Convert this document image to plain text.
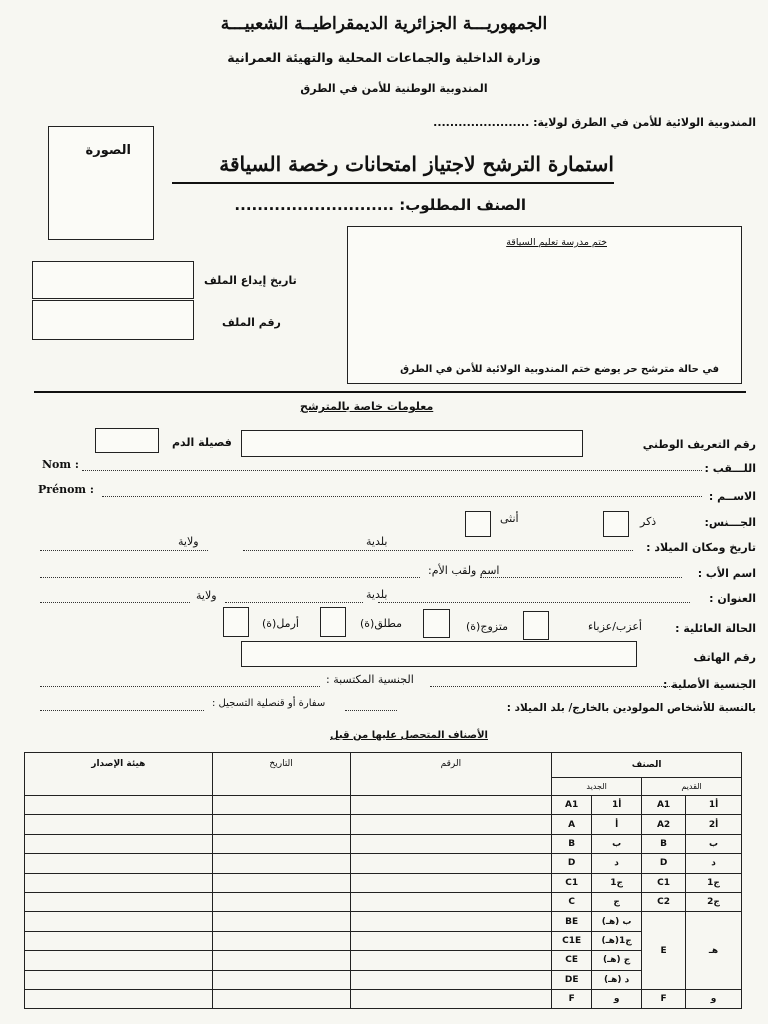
الجمهوريـــة الجزائرية الديمقراطيــة الشعبيـــة
وزارة الداخلية والجماعات المحلية والتهيئة العمرانية
المندوبية الوطنية للأمن في الطرق
المندوبية الولائية للأمن في الطرق لولاية: .......................
الصورة
استمارة الترشح لاجتياز امتحانات رخصة السياقة
الصنف المطلوب: ............................
ختم مدرسة تعليم السياقة
في حالة مترشح حر يوضع ختم المندوبية الولائية للأمن في الطرق
تاريخ إيداع الملف
رقم الملف
معلومات خاصة بالمترشح
رقم التعريف الوطني
فصيلة الدم
Nom :	اللـــقب :
Prénom :
الاســم :
الجـــنس:
ذكر
أنثى
تاريخ ومكان الميلاد :
بلدية
ولاية
اسم الأب :
اسم ولقب الأم:
العنوان :
بلدية
ولاية
الحالة العائلية :
أعزب/عزباء
متزوج(ة)
مطلق(ة)
أرمل(ة)
رقم الهاتف
الجنسية الأصلية :
الجنسية المكتسبة :
بالنسبة للأشخاص المولودين بالخارج/ بلد الميلاد :
سفارة أو قنصلية التسجيل :
الأصناف المتحصل عليها من قبل
هيئة الإصدار	التاريخ	الرقم	الصنف			
			الجديد		القديم	
			A1	أ1	A1	أ1
			A	أ	A2	أ2
			B	ب	B	ب
			D	د	D	د
			C1	ج1	C1	ج1
			C	ج	C2	ج2
			BE	ب (هـ)	E	هـ
			C1E	ج1(هـ)		
			CE	ج (هـ)		
			DE	د (هـ)		
			F	و	F	و
